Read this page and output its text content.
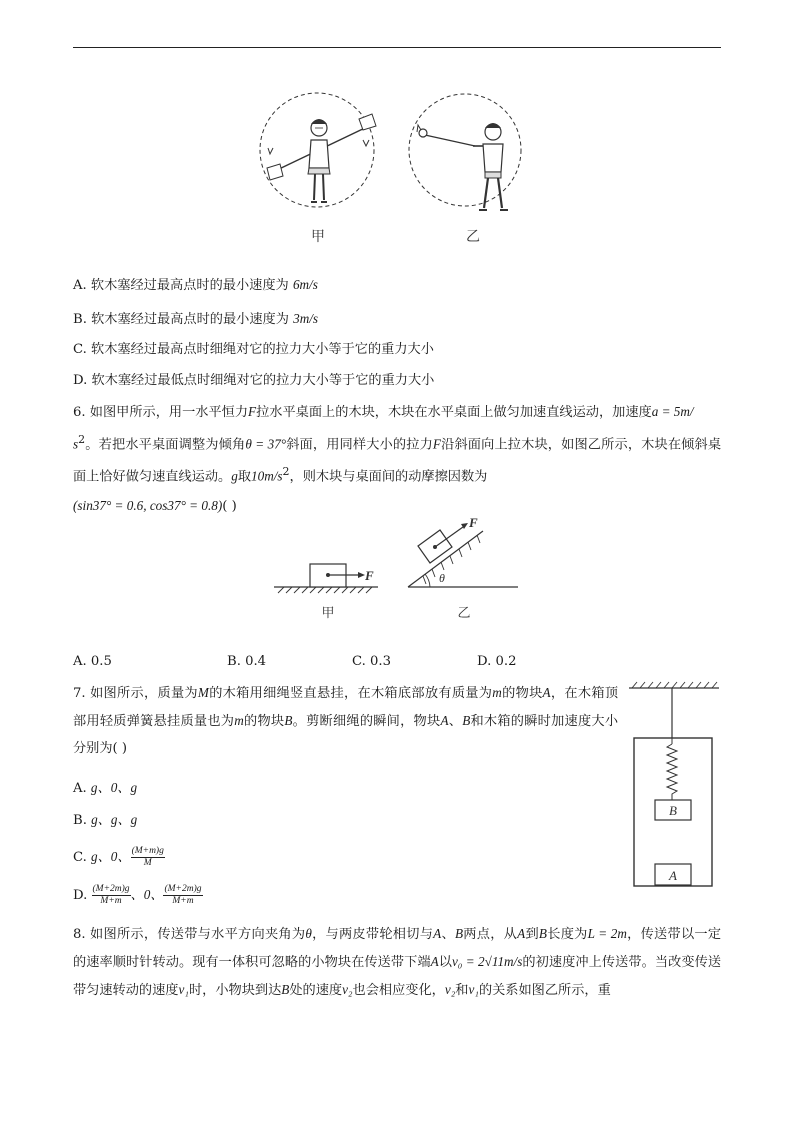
甲	乙
A. 软木塞经过最高点时的最小速度为 6m/s
B. 软木塞经过最高点时的最小速度为 3m/s
C. 软木塞经过最高点时细绳对它的拉力大小等于它的重力大小
D. 软木塞经过最低点时细绳对它的拉力大小等于它的重力大小
6. 如图甲所示，用一水平恒力F拉水平桌面上的木块，木块在水平桌面上做匀加速直线运动，加速度a = 5m/
$s^2$。若把水平桌面调整为倾角θ = 37°斜面，用同样大小的拉力F沿斜面向上拉木块，如图乙所示，木块在倾斜桌面上恰好做匀速直线运动。g取$10m/s^2$，则木块与桌面间的动摩擦因数为
(sin37° = 0.6, cos37° = 0.8)( )
F
甲
F
θ
乙
A. 0.5	B. 0.4	C. 0.3	D. 0.2
7. 如图所示，质量为M的木箱用细绳竖直悬挂，在木箱底部放有质量为m的物块A，在木箱顶部用轻质弹簧悬挂质量也为m的物块B。剪断细绳的瞬间，物块A、B和木箱的瞬时加速度大小分别为( )
A. g、0、g
B. g、g、g
C. g、0、 $\frac{(M+m)g}{M}$
D. $\frac{(M+2m)g}{M+m}$ 、0、 $\frac{(M+2m)g}{M+m}$
B
A
8. 如图所示，传送带与水平方向夹角为θ，与两皮带轮相切与A、B两点，从A到B长度为L = 2m，传送带以一定的速率顺时针转动。现有一体积可忽略的小物块在传送带下端A以v₀ = 2√11m/s的初速度冲上传送带。当改变传送带匀速转动的速度v₁时，小物块到达B处的速度v₂也会相应变化，v₂和v₁的关系如图乙所示，重
